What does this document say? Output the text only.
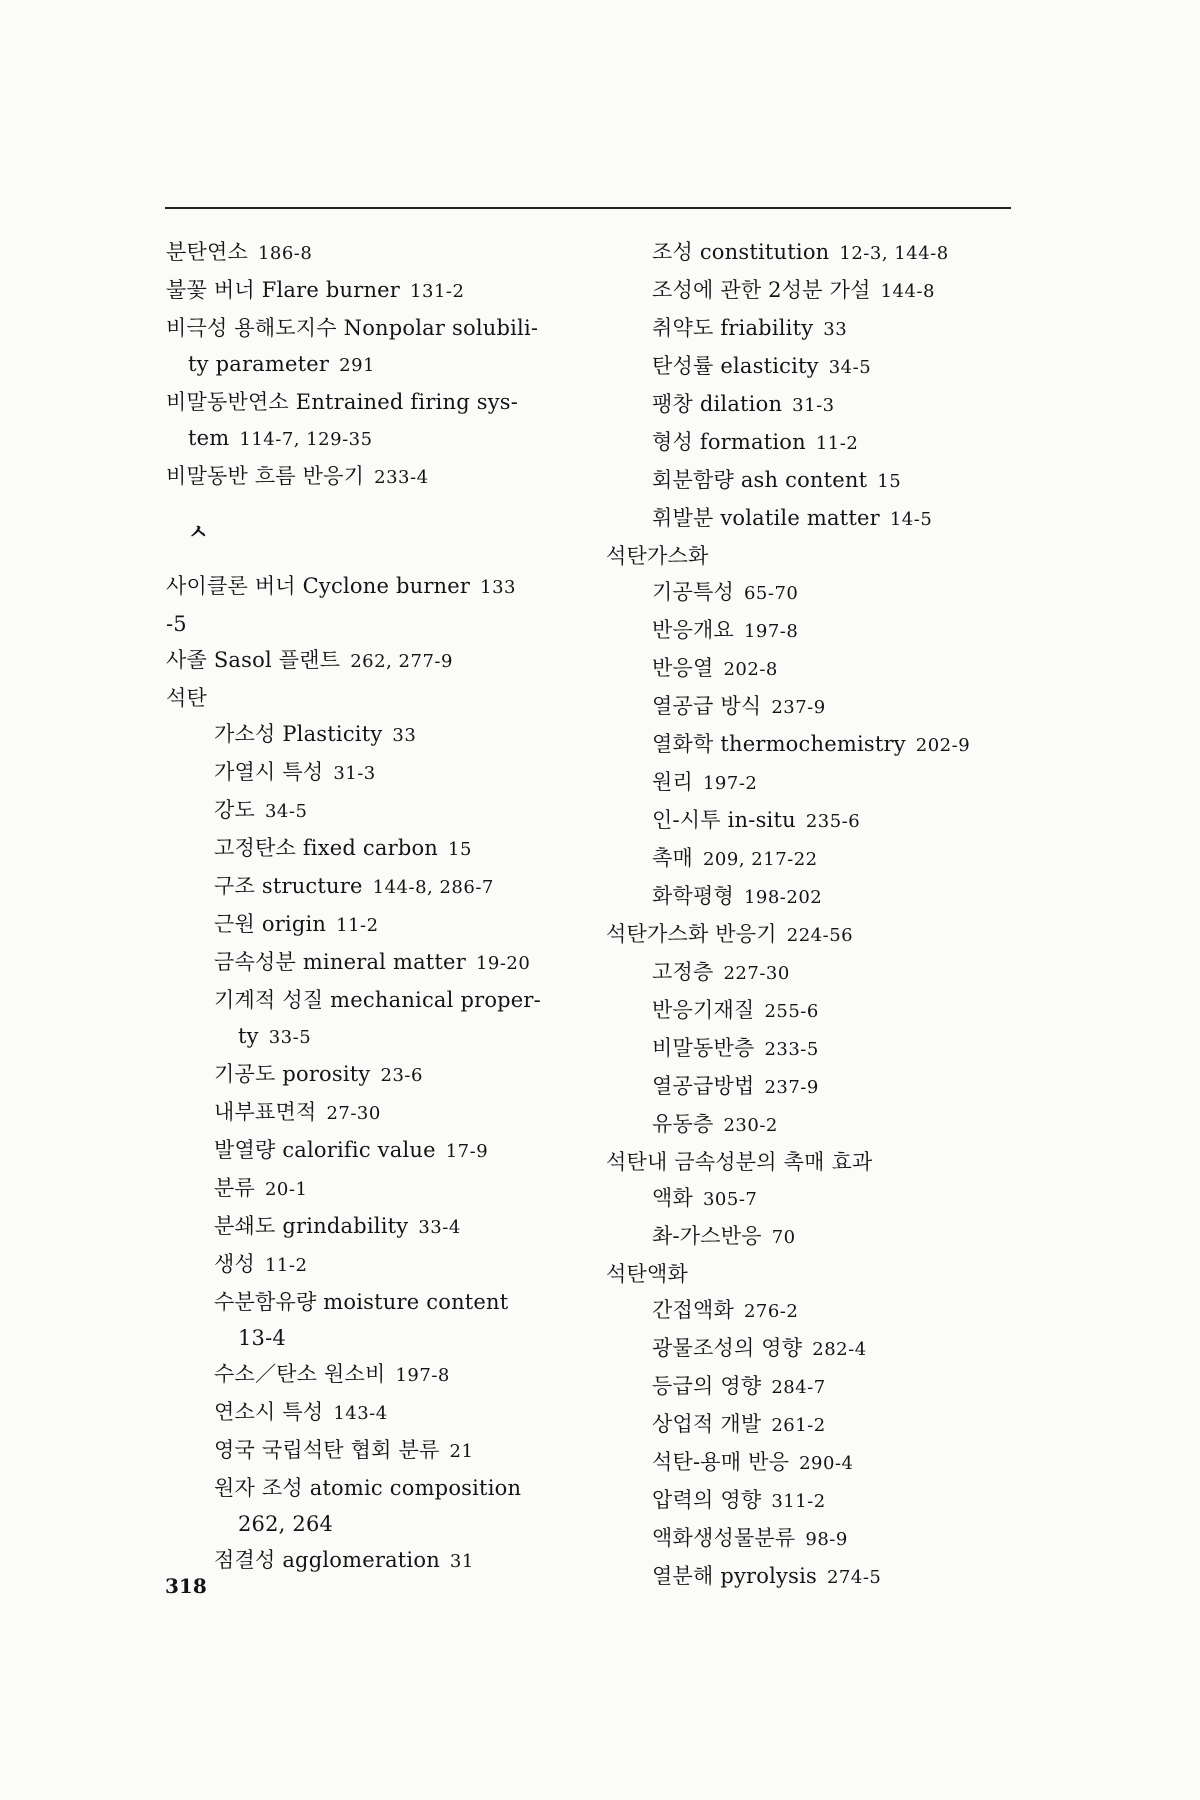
분탄연소 186-8
불꽃 버너 Flare burner 131-2
비극성 용해도지수 Nonpolar solubili-
ty parameter 291
비말동반연소 Entrained firing sys-
tem 114-7, 129-35
비말동반 흐름 반응기 233-4
ㅅ
사이클론 버너 Cyclone burner 133
-5
사졸 Sasol 플랜트 262, 277-9
석탄
가소성 Plasticity 33
가열시 특성 31-3
강도 34-5
고정탄소 fixed carbon 15
구조 structure 144-8, 286-7
근원 origin 11-2
금속성분 mineral matter 19-20
기계적 성질 mechanical proper-
ty 33-5
기공도 porosity 23-6
내부표면적 27-30
발열량 calorific value 17-9
분류 20-1
분쇄도 grindability 33-4
생성 11-2
수분함유량 moisture content
13-4
수소／탄소 원소비 197-8
연소시 특성 143-4
영국 국립석탄 협회 분류 21
원자 조성 atomic composition
262, 264
점결성 agglomeration 31
조성 constitution 12-3, 144-8
조성에 관한 2성분 가설 144-8
취약도 friability 33
탄성률 elasticity 34-5
팽창 dilation 31-3
형성 formation 11-2
회분함량 ash content 15
휘발분 volatile matter 14-5
석탄가스화
기공특성 65-70
반응개요 197-8
반응열 202-8
열공급 방식 237-9
열화학 thermochemistry 202-9
원리 197-2
인-시투 in-situ 235-6
촉매 209, 217-22
화학평형 198-202
석탄가스화 반응기 224-56
고정층 227-30
반응기재질 255-6
비말동반층 233-5
열공급방법 237-9
유동층 230-2
석탄내 금속성분의 촉매 효과
액화 305-7
촤-가스반응 70
석탄액화
간접액화 276-2
광물조성의 영향 282-4
등급의 영향 284-7
상업적 개발 261-2
석탄-용매 반응 290-4
압력의 영향 311-2
액화생성물분류 98-9
열분해 pyrolysis 274-5
318
